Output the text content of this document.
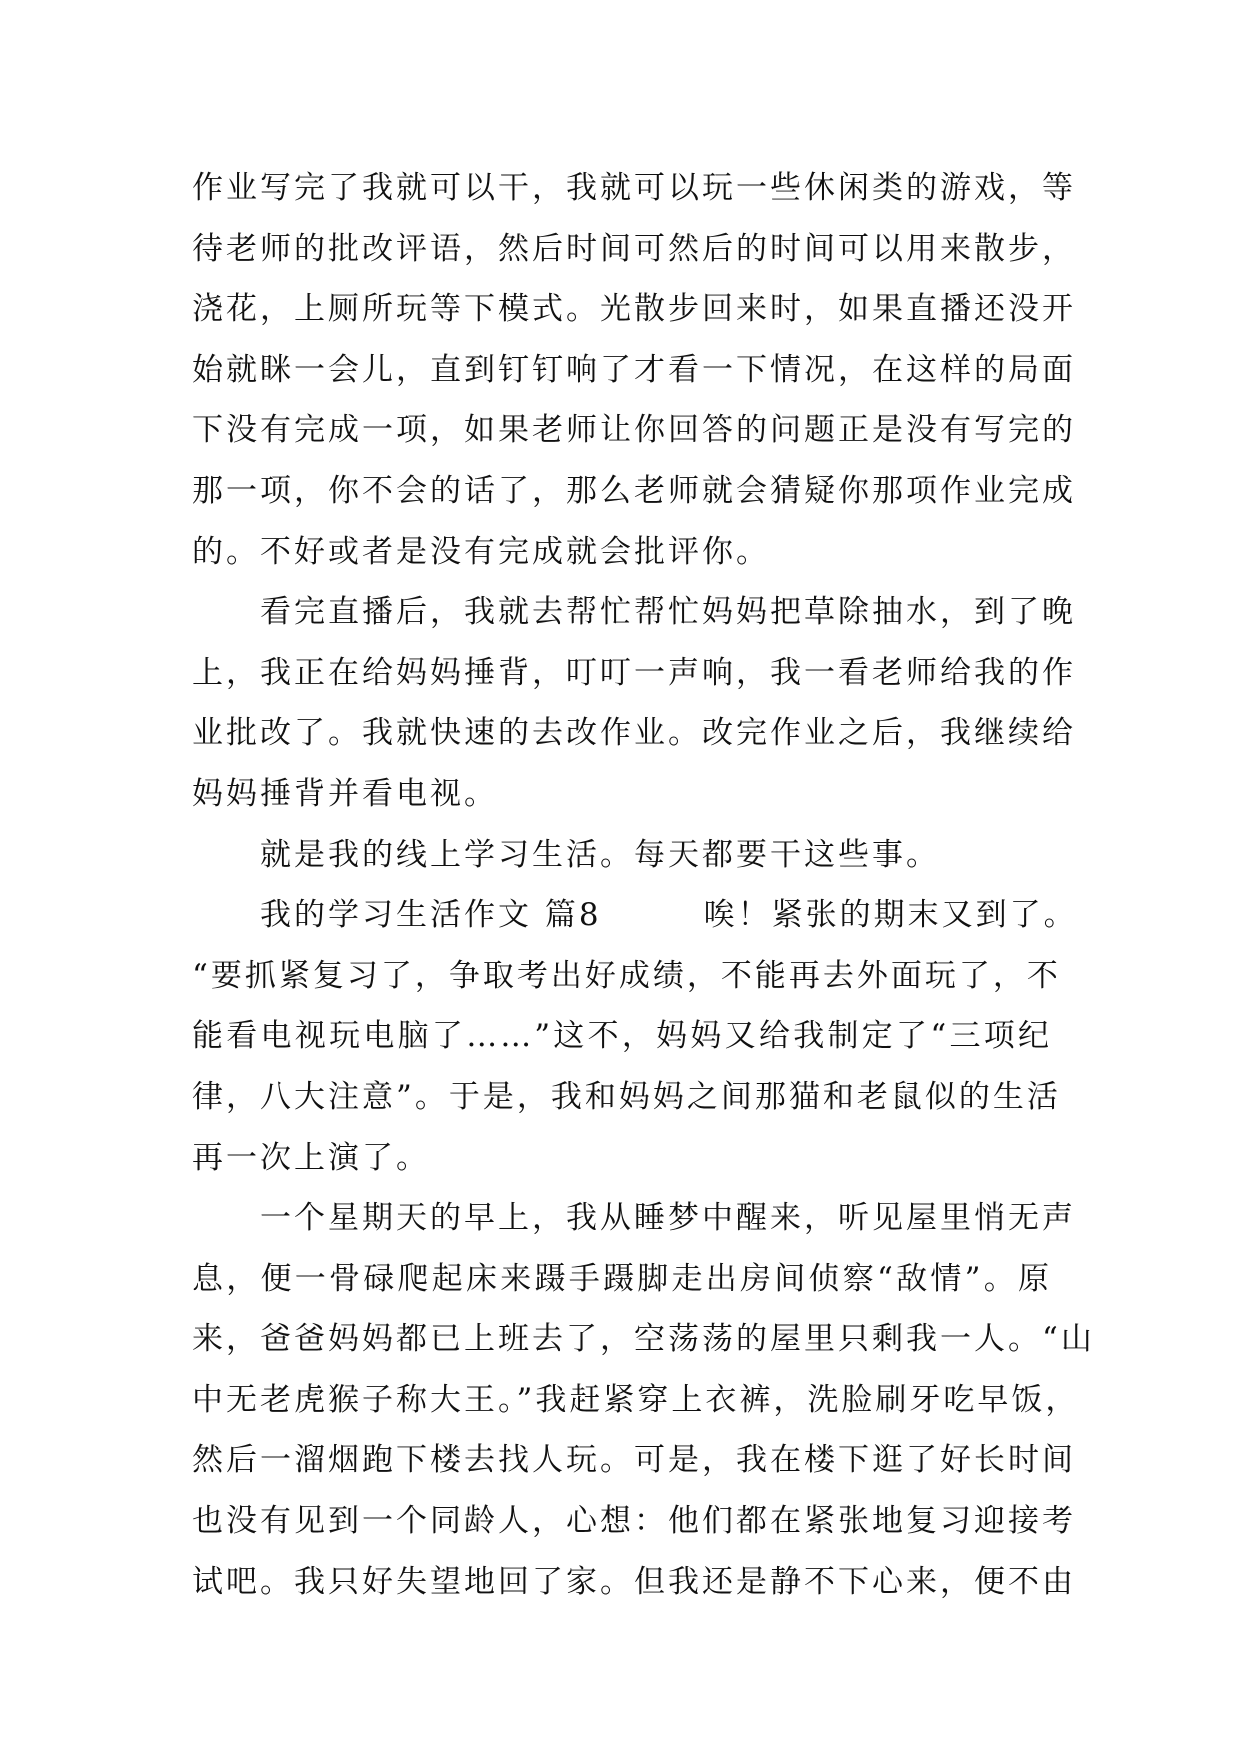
作业写完了我就可以干，我就可以玩一些休闲类的游戏，等
待老师的批改评语，然后时间可然后的时间可以用来散步，
浇花，上厕所玩等下模式。光散步回来时，如果直播还没开
始就眯一会儿，直到钉钉响了才看一下情况，在这样的局面
下没有完成一项，如果老师让你回答的问题正是没有写完的
那一项，你不会的话了，那么老师就会猜疑你那项作业完成
的。不好或者是没有完成就会批评你。
　　看完直播后，我就去帮忙帮忙妈妈把草除抽水，到了晚
上，我正在给妈妈捶背，叮叮一声响，我一看老师给我的作
业批改了。我就快速的去改作业。改完作业之后，我继续给
妈妈捶背并看电视。
　　就是我的线上学习生活。每天都要干这些事。
　　我的学习生活作文 篇8　　　唉！紧张的期末又到了。
“要抓紧复习了，争取考出好成绩，不能再去外面玩了，不
能看电视玩电脑了……”这不，妈妈又给我制定了“三项纪
律，八大注意”。于是，我和妈妈之间那猫和老鼠似的生活
再一次上演了。
　　一个星期天的早上，我从睡梦中醒来，听见屋里悄无声
息，便一骨碌爬起床来蹑手蹑脚走出房间侦察“敌情”。原
来，爸爸妈妈都已上班去了，空荡荡的屋里只剩我一人。“山
中无老虎猴子称大王。”我赶紧穿上衣裤，洗脸刷牙吃早饭，
然后一溜烟跑下楼去找人玩。可是，我在楼下逛了好长时间
也没有见到一个同龄人，心想：他们都在紧张地复习迎接考
试吧。我只好失望地回了家。但我还是静不下心来，便不由
